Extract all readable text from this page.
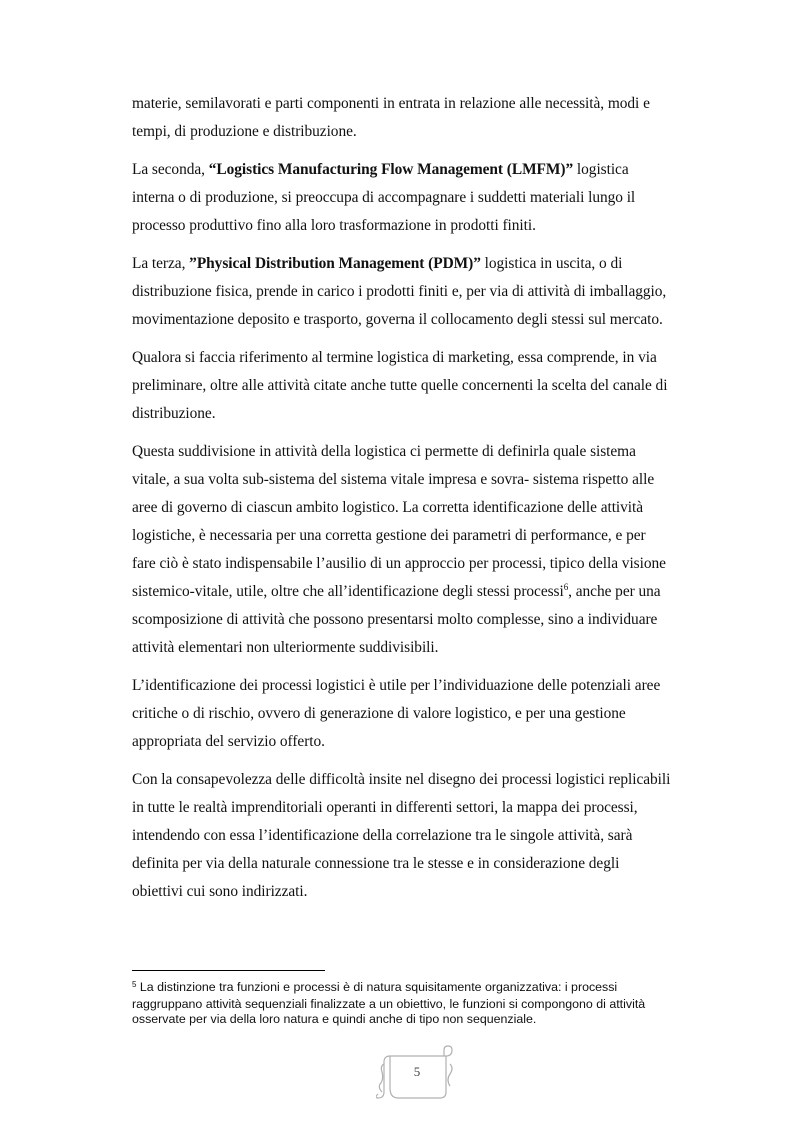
materie, semilavorati e parti componenti in entrata in relazione alle necessità, modi e
tempi, di produzione e distribuzione.

La seconda, “Logistics Manufacturing Flow Management (LMFM)” logistica
interna o di produzione, si preoccupa di accompagnare i suddetti materiali lungo il
processo produttivo fino alla loro trasformazione in prodotti finiti.

La terza, ”Physical Distribution Management (PDM)” logistica in uscita, o di
distribuzione fisica, prende in carico i prodotti finiti e, per via di attività di imballaggio,
movimentazione deposito e trasporto, governa il collocamento degli stessi sul mercato.

Qualora si faccia riferimento al termine logistica di marketing, essa comprende, in via
preliminare, oltre alle attività citate anche tutte quelle concernenti la scelta del canale di
distribuzione.

Questa suddivisione in attività della logistica ci permette di definirla quale sistema
vitale, a sua volta sub-sistema del sistema vitale impresa e sovra- sistema rispetto alle
aree di governo di ciascun ambito logistico. La corretta identificazione delle attività
logistiche, è necessaria per una corretta gestione dei parametri di performance, e per
fare ciò è stato indispensabile l’ausilio di un approccio per processi, tipico della visione
sistemico-vitale, utile, oltre che all’identificazione degli stessi processi$^6$, anche per una
scomposizione di attività che possono presentarsi molto complesse, sino a individuare
attività elementari non ulteriormente suddivisibili.

L’identificazione dei processi logistici è utile per l’individuazione delle potenziali aree
critiche o di rischio, ovvero di generazione di valore logistico, e per una gestione
appropriata del servizio offerto.

Con la consapevolezza delle difficoltà insite nel disegno dei processi logistici replicabili
in tutte le realtà imprenditoriali operanti in differenti settori, la mappa dei processi,
intendendo con essa l’identificazione della correlazione tra le singole attività, sarà
definita per via della naturale connessione tra le stesse e in considerazione degli
obiettivi cui sono indirizzati.

$^5$ La distinzione tra funzioni e processi è di natura squisitamente organizzativa: i processi
raggruppano attività sequenziali finalizzate a un obiettivo, le funzioni si compongono di attività
osservate per via della loro natura e quindi anche di tipo non sequenziale.
5
